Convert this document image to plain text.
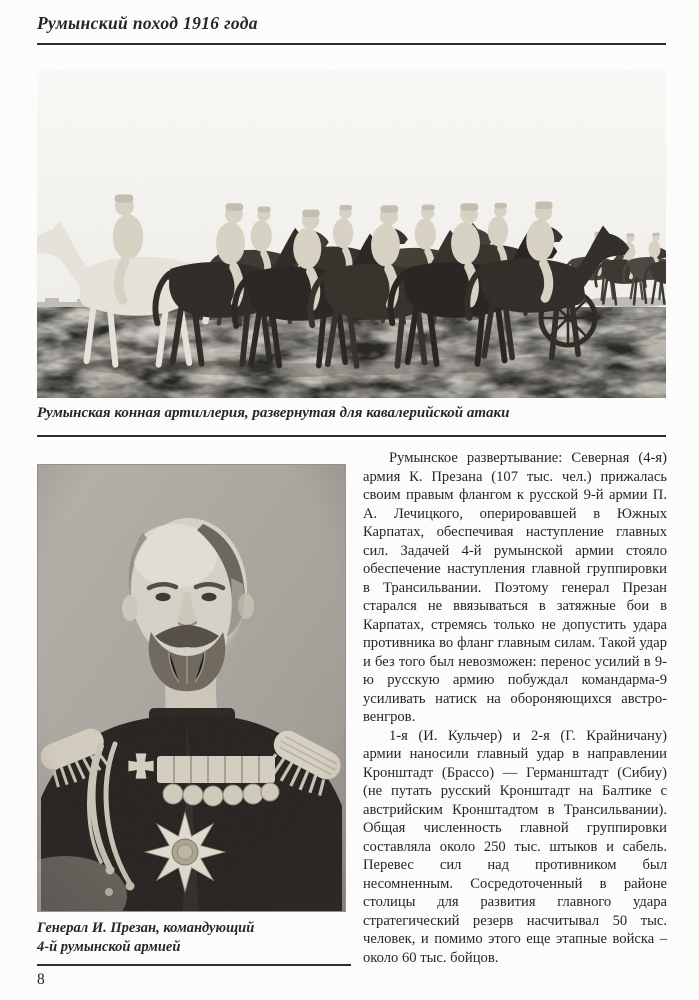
Румынский поход 1916 года
Румынская конная артиллерия, развернутая для кавалерийской атаки
Генерал И. Презан, командующий
4-й румынской армией

Румынское развертывание: Северная (4-я) армия К. Презана (107 тыс. чел.) прижалась своим правым флангом к русской 9-й армии П. А. Лечицкого, оперировавшей в Южных Карпатах, обеспечивая наступление главных сил. Задачей 4-й румынской армии стояло обеспечение наступления главной группировки в Трансильвании. Поэтому генерал Презан старался не ввязываться в затяжные бои в Карпатах, стремясь только не допустить удара противника во фланг главным силам. Такой удар и без того был невозможен: перенос усилий в 9-ю русскую армию побуждал командарма-9 усиливать натиск на обороняющихся австро-венгров.

1-я (И. Кульчер) и 2-я (Г. Крайничану) армии наносили главный удар в направлении Кронштадт (Брассо) — Германштадт (Сибиу) (не путать русский Кронштадт на Балтике с австрийским Кронштадтом в Трансильвании). Общая численность главной группировки составляла около 250 тыс. штыков и сабель. Перевес сил над противником был несомненным. Сосредоточенный в районе столицы для развития главного удара стратегический резерв насчитывал 50 тыс. человек, и помимо этого еще этапные войска –около 60 тыс. бойцов.

8
